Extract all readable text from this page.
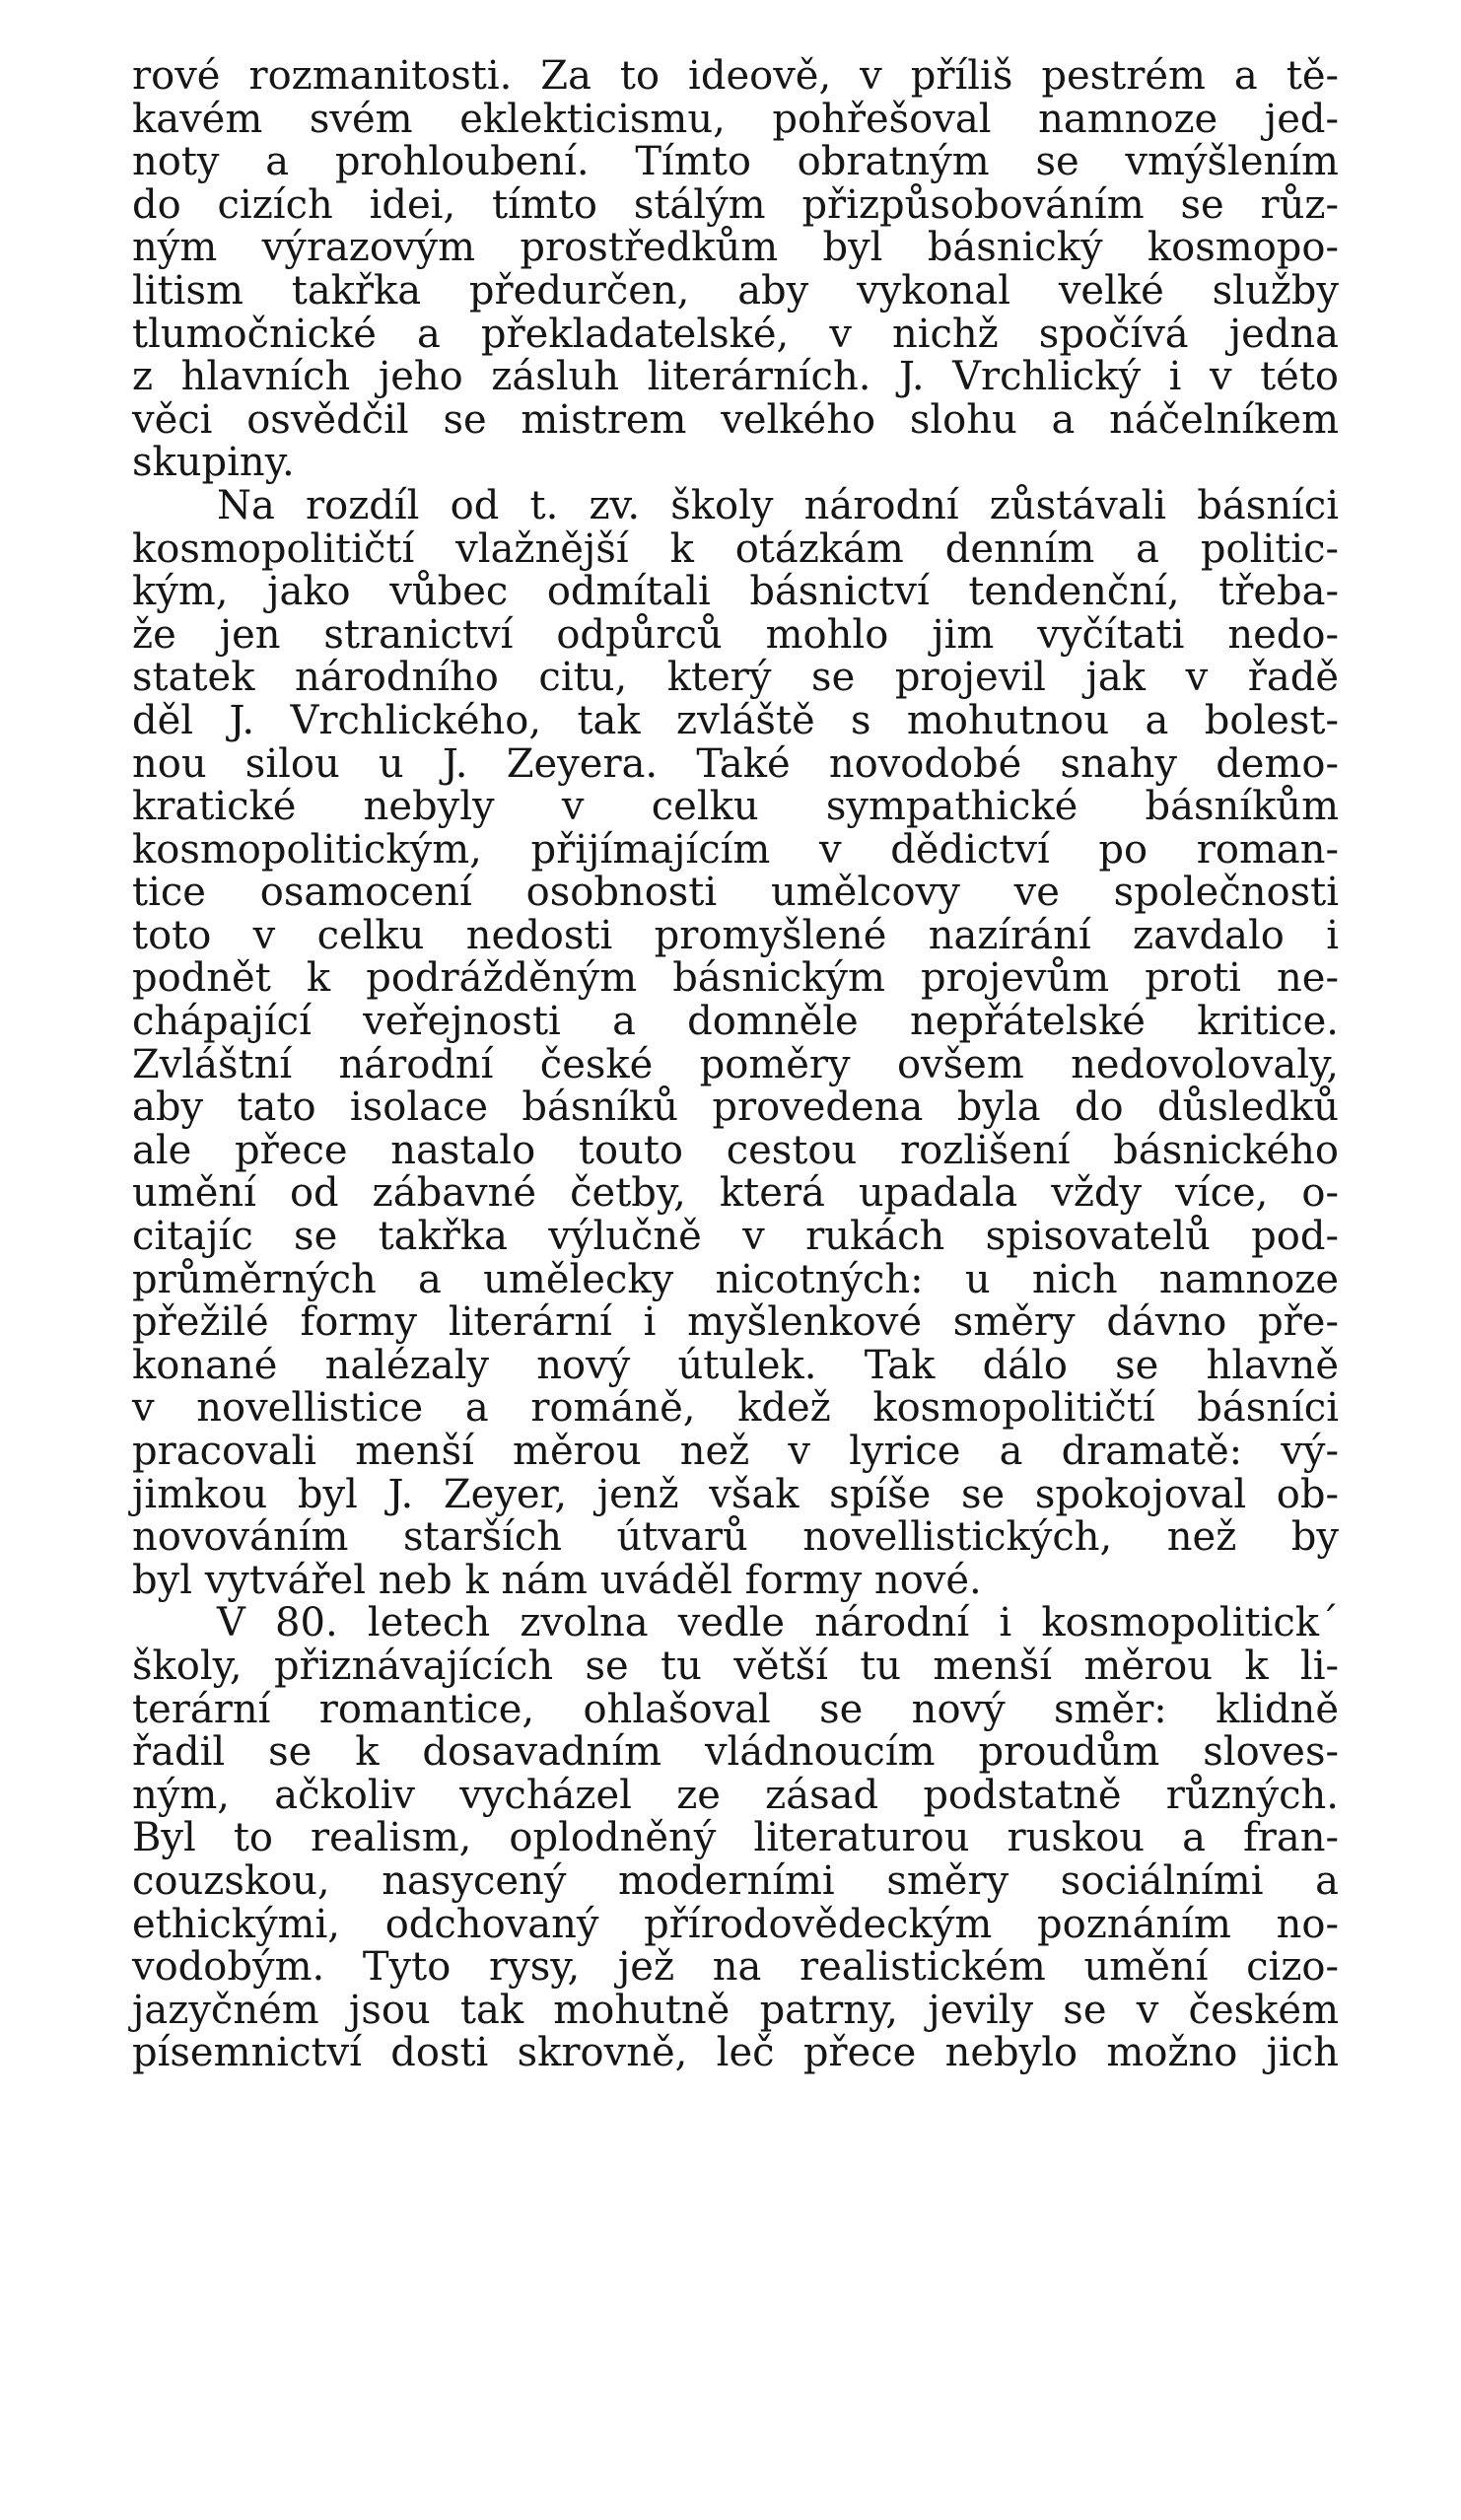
rové rozmanitosti. Za to ideově, v příliš pestrém a tě-
kavém svém eklekticismu, pohřešoval namnoze jed-
noty a prohloubení. Tímto obratným se vmýšlením
do cizích idei, tímto stálým přizpůsobováním se růz-
ným výrazovým prostředkům byl básnický kosmopo-
litism takřka předurčen, aby vykonal velké služby
tlumočnické a překladatelské, v nichž spočívá jedna
z hlavních jeho zásluh literárních. J. Vrchlický i v této
věci osvědčil se mistrem velkého slohu a náčelníkem
skupiny.
Na rozdíl od t. zv. školy národní zůstávali básníci
kosmopolitičtí vlažnější k otázkám denním a politic-
kým, jako vůbec odmítali básnictví tendenční, třeba-
že jen stranictví odpůrců mohlo jim vyčítati nedo-
statek národního citu, který se projevil jak v řadě
děl J. Vrchlického, tak zvláště s mohutnou a bolest-
nou silou u J. Zeyera. Také novodobé snahy demo-
kratické nebyly v celku sympathické básníkům
kosmopolitickým, přijímajícím v dědictví po roman-
tice osamocení osobnosti umělcovy ve společnosti
toto v celku nedosti promyšlené nazírání zavdalo i
podnět k podrážděným básnickým projevům proti ne-
chápající veřejnosti a domněle nepřátelské kritice.
Zvláštní národní české poměry ovšem nedovolovaly,
aby tato isolace básníků provedena byla do důsledků
ale přece nastalo touto cestou rozlišení básnického
umění od zábavné četby, která upadala vždy více, o-
citajíc se takřka výlučně v rukách spisovatelů pod-
průměrných a umělecky nicotných: u nich namnoze
přežilé formy literární i myšlenkové směry dávno pře-
konané nalézaly nový útulek. Tak dálo se hlavně
v novellistice a románě, kdež kosmopolitičtí básníci
pracovali menší měrou než v lyrice a dramatě: vý-
jimkou byl J. Zeyer, jenž však spíše se spokojoval ob-
novováním starších útvarů novellistických, než by
byl vytvářel neb k nám uváděl formy nové.
V 80. letech zvolna vedle národní i kosmopolitick´
školy, přiznávajících se tu větší tu menší měrou k li-
terární romantice, ohlašoval se nový směr: klidně
řadil se k dosavadním vládnoucím proudům sloves-
ným, ačkoliv vycházel ze zásad podstatně různých.
Byl to realism, oplodněný literaturou ruskou a fran-
couzskou, nasycený moderními směry sociálními a
ethickými, odchovaný přírodovědeckým poznáním no-
vodobým. Tyto rysy, jež na realistickém umění cizo-
jazyčném jsou tak mohutně patrny, jevily se v českém
písemnictví dosti skrovně, leč přece nebylo možno jich
